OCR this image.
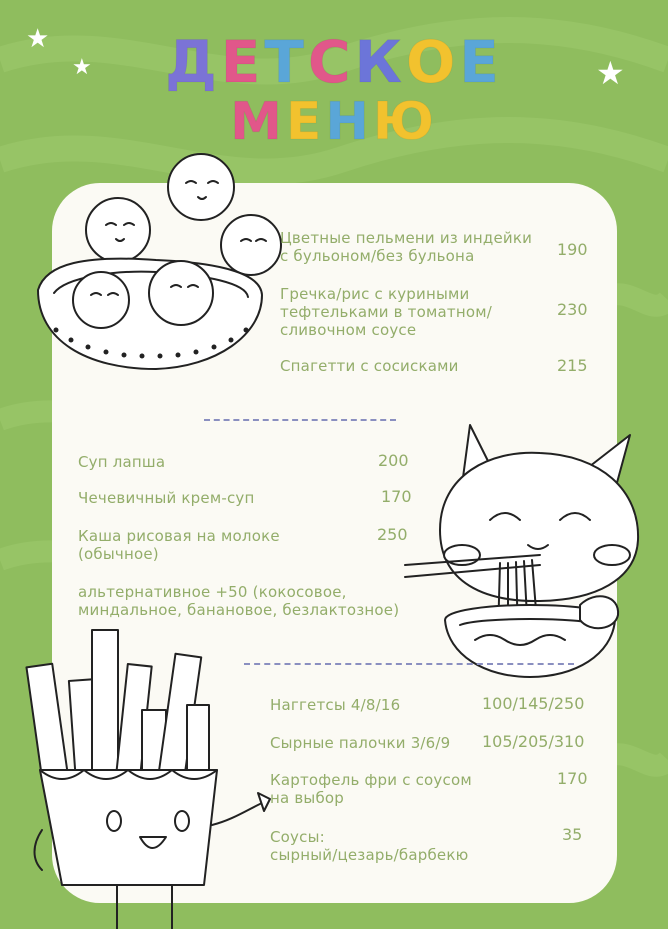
★
★	★
ДЕТСКОЕ
МЕНЮ
Цветные пельмени из индейки
с бульоном/без бульона	190
Гречка/рис с куриными
тефтельками в томатном/
сливочном соусе
230
Спагетти с сосисками	215
Суп лапша	200
Чечевичный крем-суп	170
Каша рисовая на молоке
(обычное)
250
альтернативное +50 (кокосовое,
миндальное, банановое, безлактозное)
Наггетсы 4/8/16	100/145/250
Сырные палочки 3/6/9 105/205/310
Картофель фри с соусом
на выбор
170
Соусы:
сырный/цезарь/барбекю
35
